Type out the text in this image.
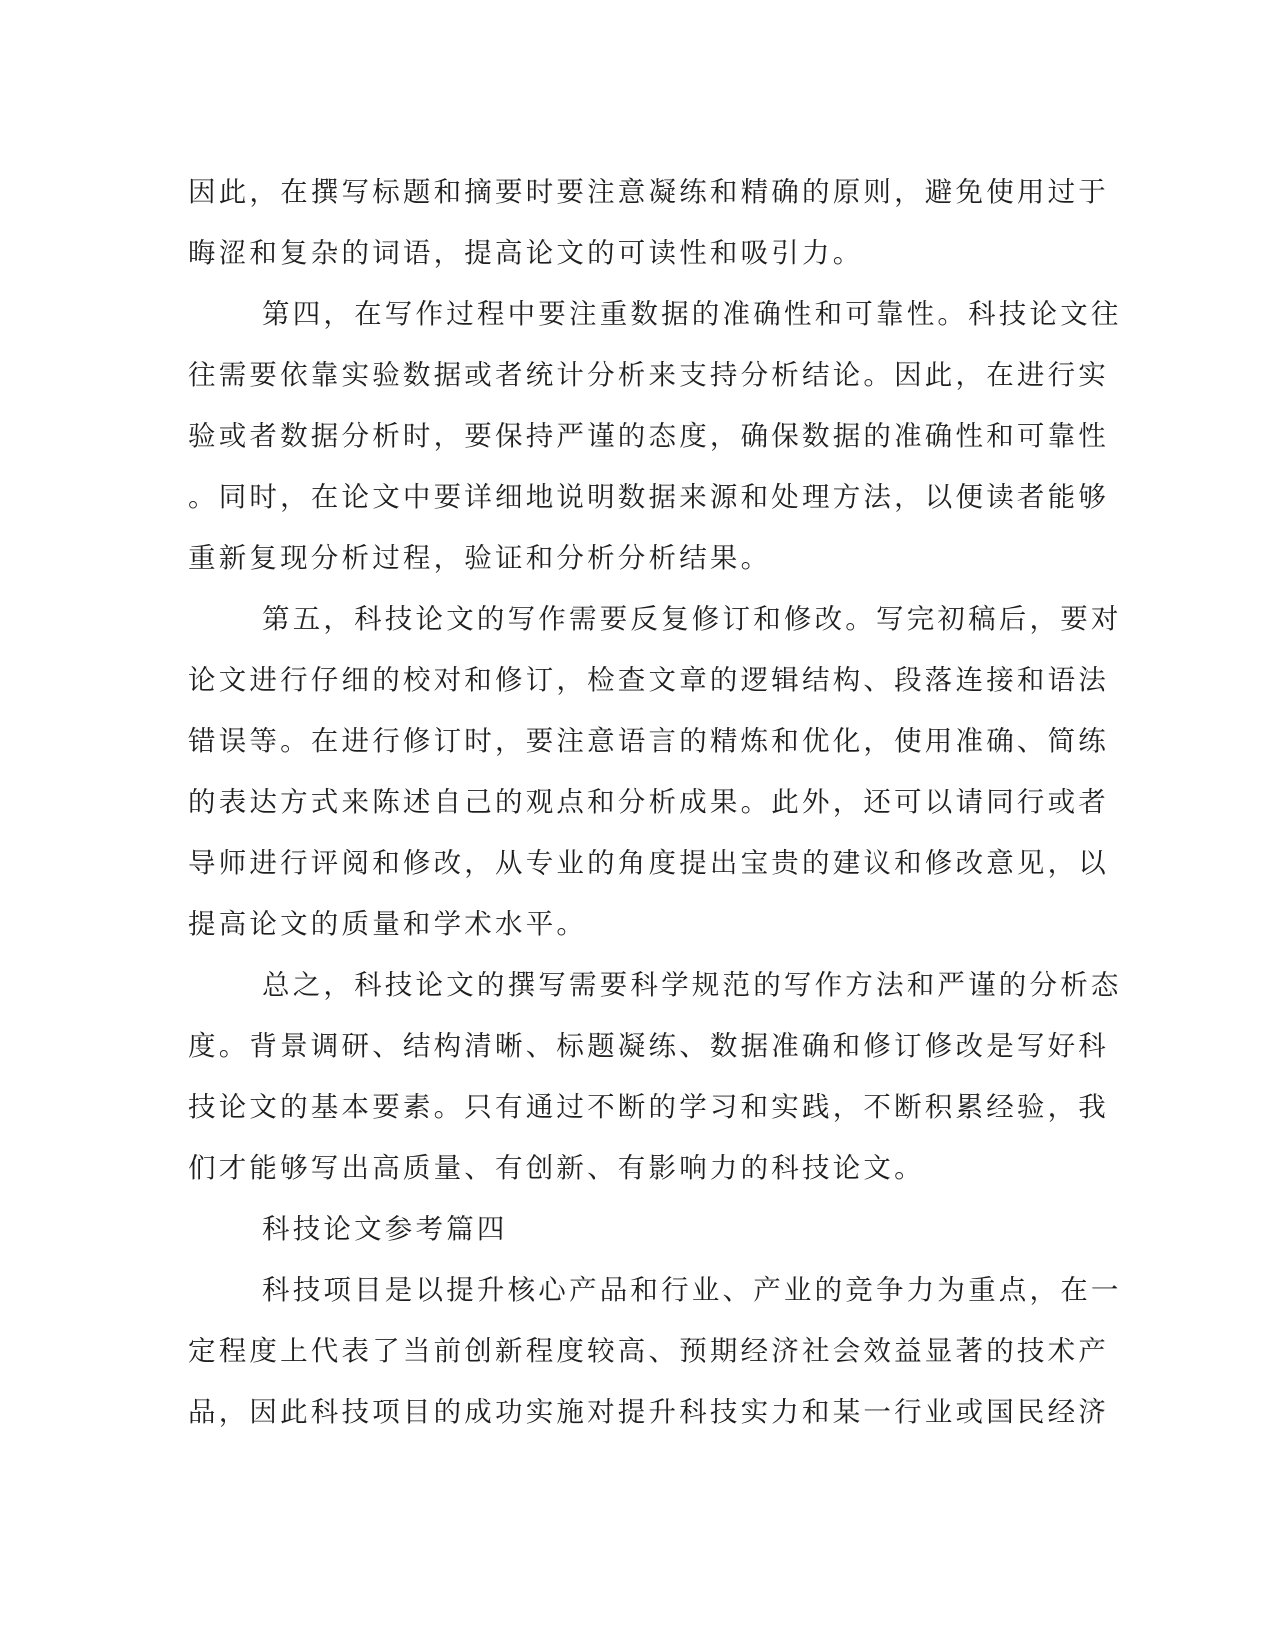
因此，在撰写标题和摘要时要注意凝练和精确的原则，避免使用过于
晦涩和复杂的词语，提高论文的可读性和吸引力。
第四，在写作过程中要注重数据的准确性和可靠性。科技论文往
往需要依靠实验数据或者统计分析来支持分析结论。因此，在进行实
验或者数据分析时，要保持严谨的态度，确保数据的准确性和可靠性
。同时，在论文中要详细地说明数据来源和处理方法，以便读者能够
重新复现分析过程，验证和分析分析结果。
第五，科技论文的写作需要反复修订和修改。写完初稿后，要对
论文进行仔细的校对和修订，检查文章的逻辑结构、段落连接和语法
错误等。在进行修订时，要注意语言的精炼和优化，使用准确、简练
的表达方式来陈述自己的观点和分析成果。此外，还可以请同行或者
导师进行评阅和修改，从专业的角度提出宝贵的建议和修改意见，以
提高论文的质量和学术水平。
总之，科技论文的撰写需要科学规范的写作方法和严谨的分析态
度。背景调研、结构清晰、标题凝练、数据准确和修订修改是写好科
技论文的基本要素。只有通过不断的学习和实践，不断积累经验，我
们才能够写出高质量、有创新、有影响力的科技论文。
科技论文参考篇四
科技项目是以提升核心产品和行业、产业的竞争力为重点，在一
定程度上代表了当前创新程度较高、预期经济社会效益显著的技术产
品，因此科技项目的成功实施对提升科技实力和某一行业或国民经济
